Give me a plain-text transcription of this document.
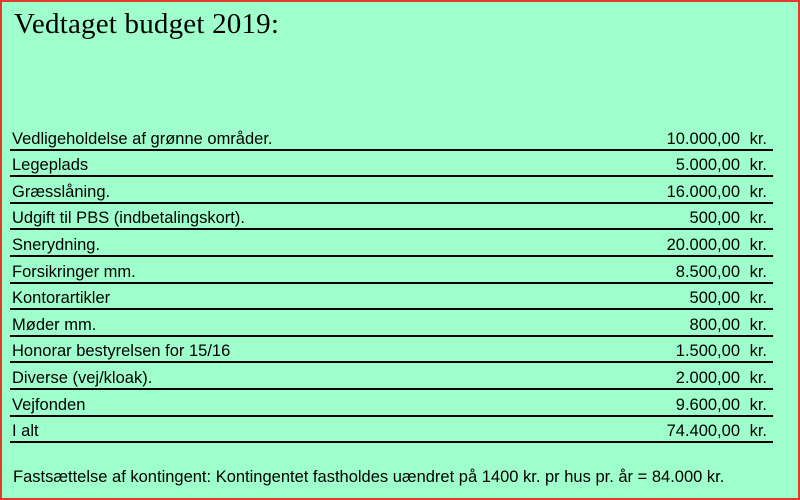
Vedtaget budget 2019:
Vedligeholdelse af grønne områder.	10.000,00	kr.
Legeplads	5.000,00	kr.
Græsslåning.	16.000,00	kr.
Udgift til PBS (indbetalingskort).	500,00	kr.
Snerydning.	20.000,00	kr.
Forsikringer mm.	8.500,00	kr.
Kontorartikler	500,00	kr.
Møder mm.	800,00	kr.
Honorar bestyrelsen for 15/16	1.500,00	kr.
Diverse (vej/kloak).	2.000,00	kr.
Vejfonden	9.600,00	kr.
I alt	74.400,00	kr.

Fastsættelse af kontingent: Kontingentet fastholdes uændret på 1400 kr. pr hus pr. år = 84.000 kr.
